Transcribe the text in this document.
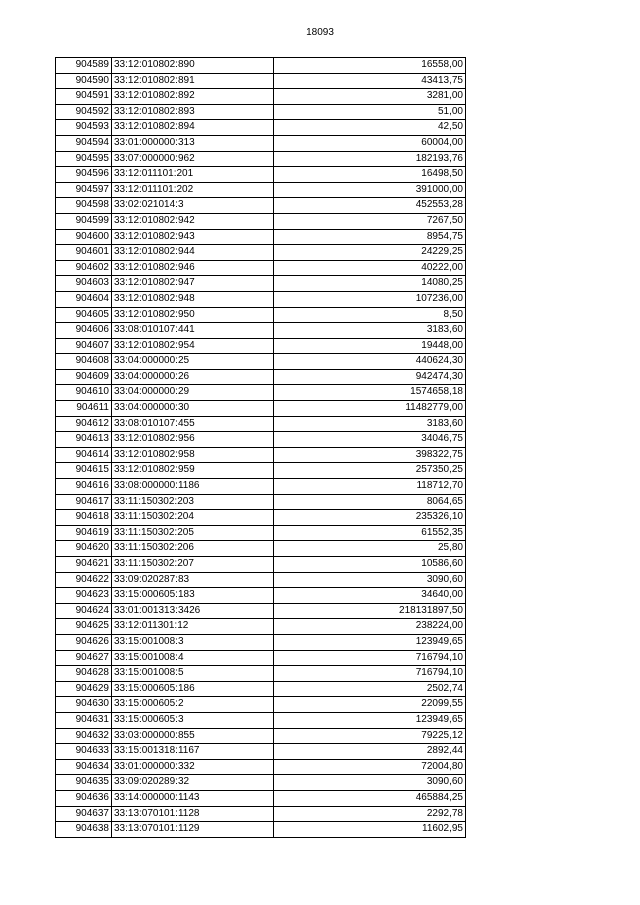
18093
904589	33:12:010802:890	16558,00
904590	33:12:010802:891	43413,75
904591	33:12:010802:892	3281,00
904592	33:12:010802:893	51,00
904593	33:12:010802:894	42,50
904594	33:01:000000:313	60004,00
904595	33:07:000000:962	182193,76
904596	33:12:011101:201	16498,50
904597	33:12:011101:202	391000,00
904598	33:02:021014:3	452553,28
904599	33:12:010802:942	7267,50
904600	33:12:010802:943	8954,75
904601	33:12:010802:944	24229,25
904602	33:12:010802:946	40222,00
904603	33:12:010802:947	14080,25
904604	33:12:010802:948	107236,00
904605	33:12:010802:950	8,50
904606	33:08:010107:441	3183,60
904607	33:12:010802:954	19448,00
904608	33:04:000000:25	440624,30
904609	33:04:000000:26	942474,30
904610	33:04:000000:29	1574658,18
904611	33:04:000000:30	11482779,00
904612	33:08:010107:455	3183,60
904613	33:12:010802:956	34046,75
904614	33:12:010802:958	398322,75
904615	33:12:010802:959	257350,25
904616	33:08:000000:1186	118712,70
904617	33:11:150302:203	8064,65
904618	33:11:150302:204	235326,10
904619	33:11:150302:205	61552,35
904620	33:11:150302:206	25,80
904621	33:11:150302:207	10586,60
904622	33:09:020287:83	3090,60
904623	33:15:000605:183	34640,00
904624	33:01:001313:3426	218131897,50
904625	33:12:011301:12	238224,00
904626	33:15:001008:3	123949,65
904627	33:15:001008:4	716794,10
904628	33:15:001008:5	716794,10
904629	33:15:000605:186	2502,74
904630	33:15:000605:2	22099,55
904631	33:15:000605:3	123949,65
904632	33:03:000000:855	79225,12
904633	33:15:001318:1167	2892,44
904634	33:01:000000:332	72004,80
904635	33:09:020289:32	3090,60
904636	33:14:000000:1143	465884,25
904637	33:13:070101:1128	2292,78
904638	33:13:070101:1129	11602,95
